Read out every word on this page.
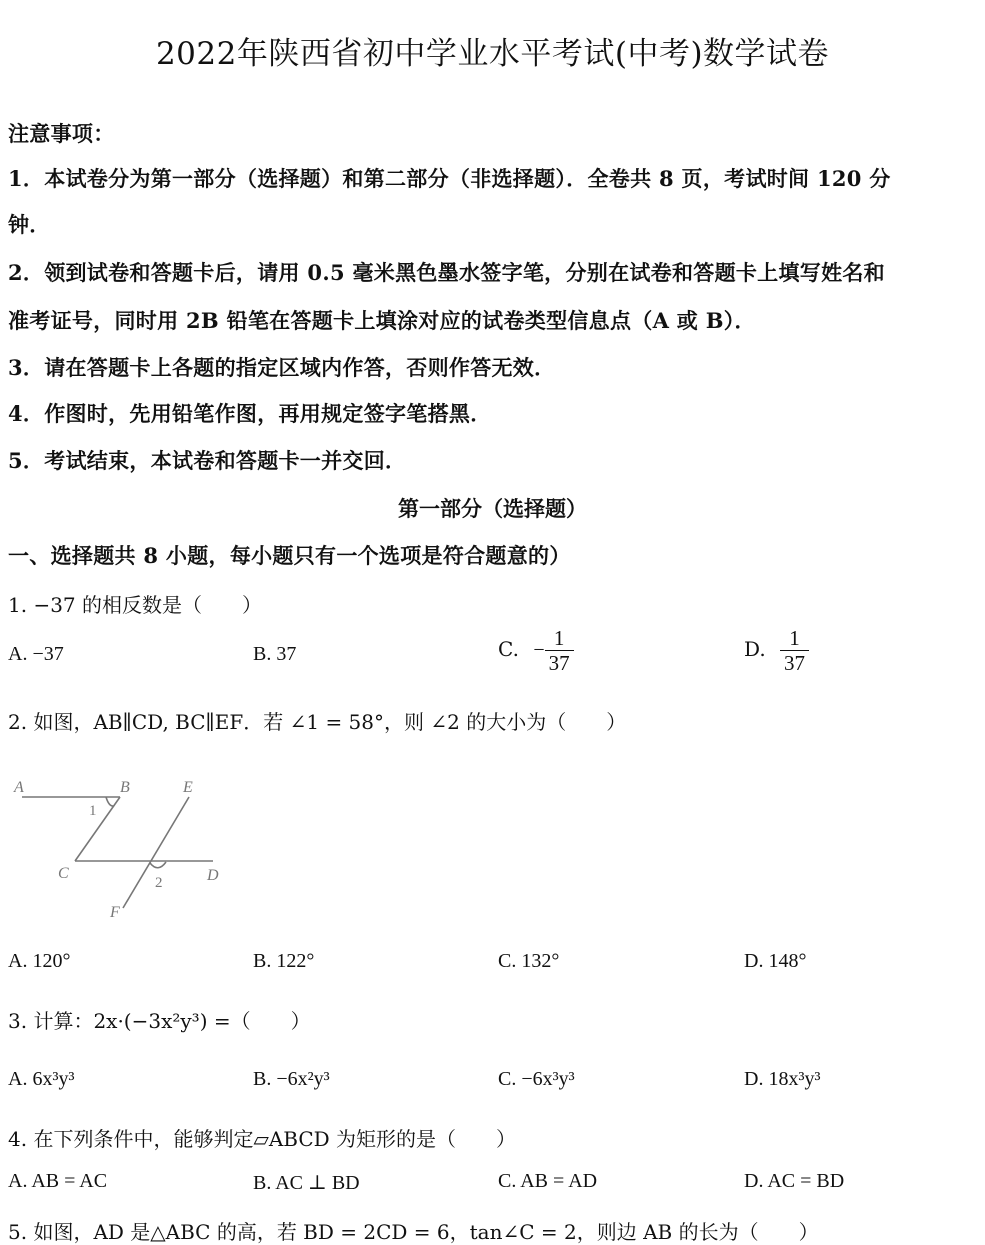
2022年陕西省初中学业水平考试(中考)数学试卷
注意事项：
1．本试卷分为第一部分（选择题）和第二部分（非选择题）．全卷共 8 页，考试时间 120 分
钟．
2．领到试卷和答题卡后，请用 0.5 毫米黑色墨水签字笔，分别在试卷和答题卡上填写姓名和
准考证号，同时用 2B 铅笔在答题卡上填涂对应的试卷类型信息点（A 或 B）．
3．请在答题卡上各题的指定区域内作答，否则作答无效．
4．作图时，先用铅笔作图，再用规定签字笔搭黑．
5．考试结束，本试卷和答题卡一并交回．
第一部分（选择题）
一、选择题共 8 小题，每小题只有一个选项是符合题意的）
1. −37 的相反数是（　　）
A. −37	B. 37	C. − $\frac{1}{37}$	D. $\frac{1}{37}$
2. 如图，AB∥CD, BC∥EF．若 ∠1 = 58°，则 ∠2 的大小为（　　）
A	B	E
C	D
F
1
2
A. 120°	B. 122°	C. 132°	D. 148°
3. 计算：2x·(−3x²y³) =（　　）
A. 6x³y³	B. −6x²y³	C. −6x³y³	D. 18x³y³
4. 在下列条件中，能够判定▱ABCD 为矩形的是（　　）
A. AB = AC	B. AC ⊥ BD	C. AB = AD	D. AC = BD
5. 如图，AD 是△ABC 的高，若 BD = 2CD = 6，tan∠C = 2，则边 AB 的长为（　　）
